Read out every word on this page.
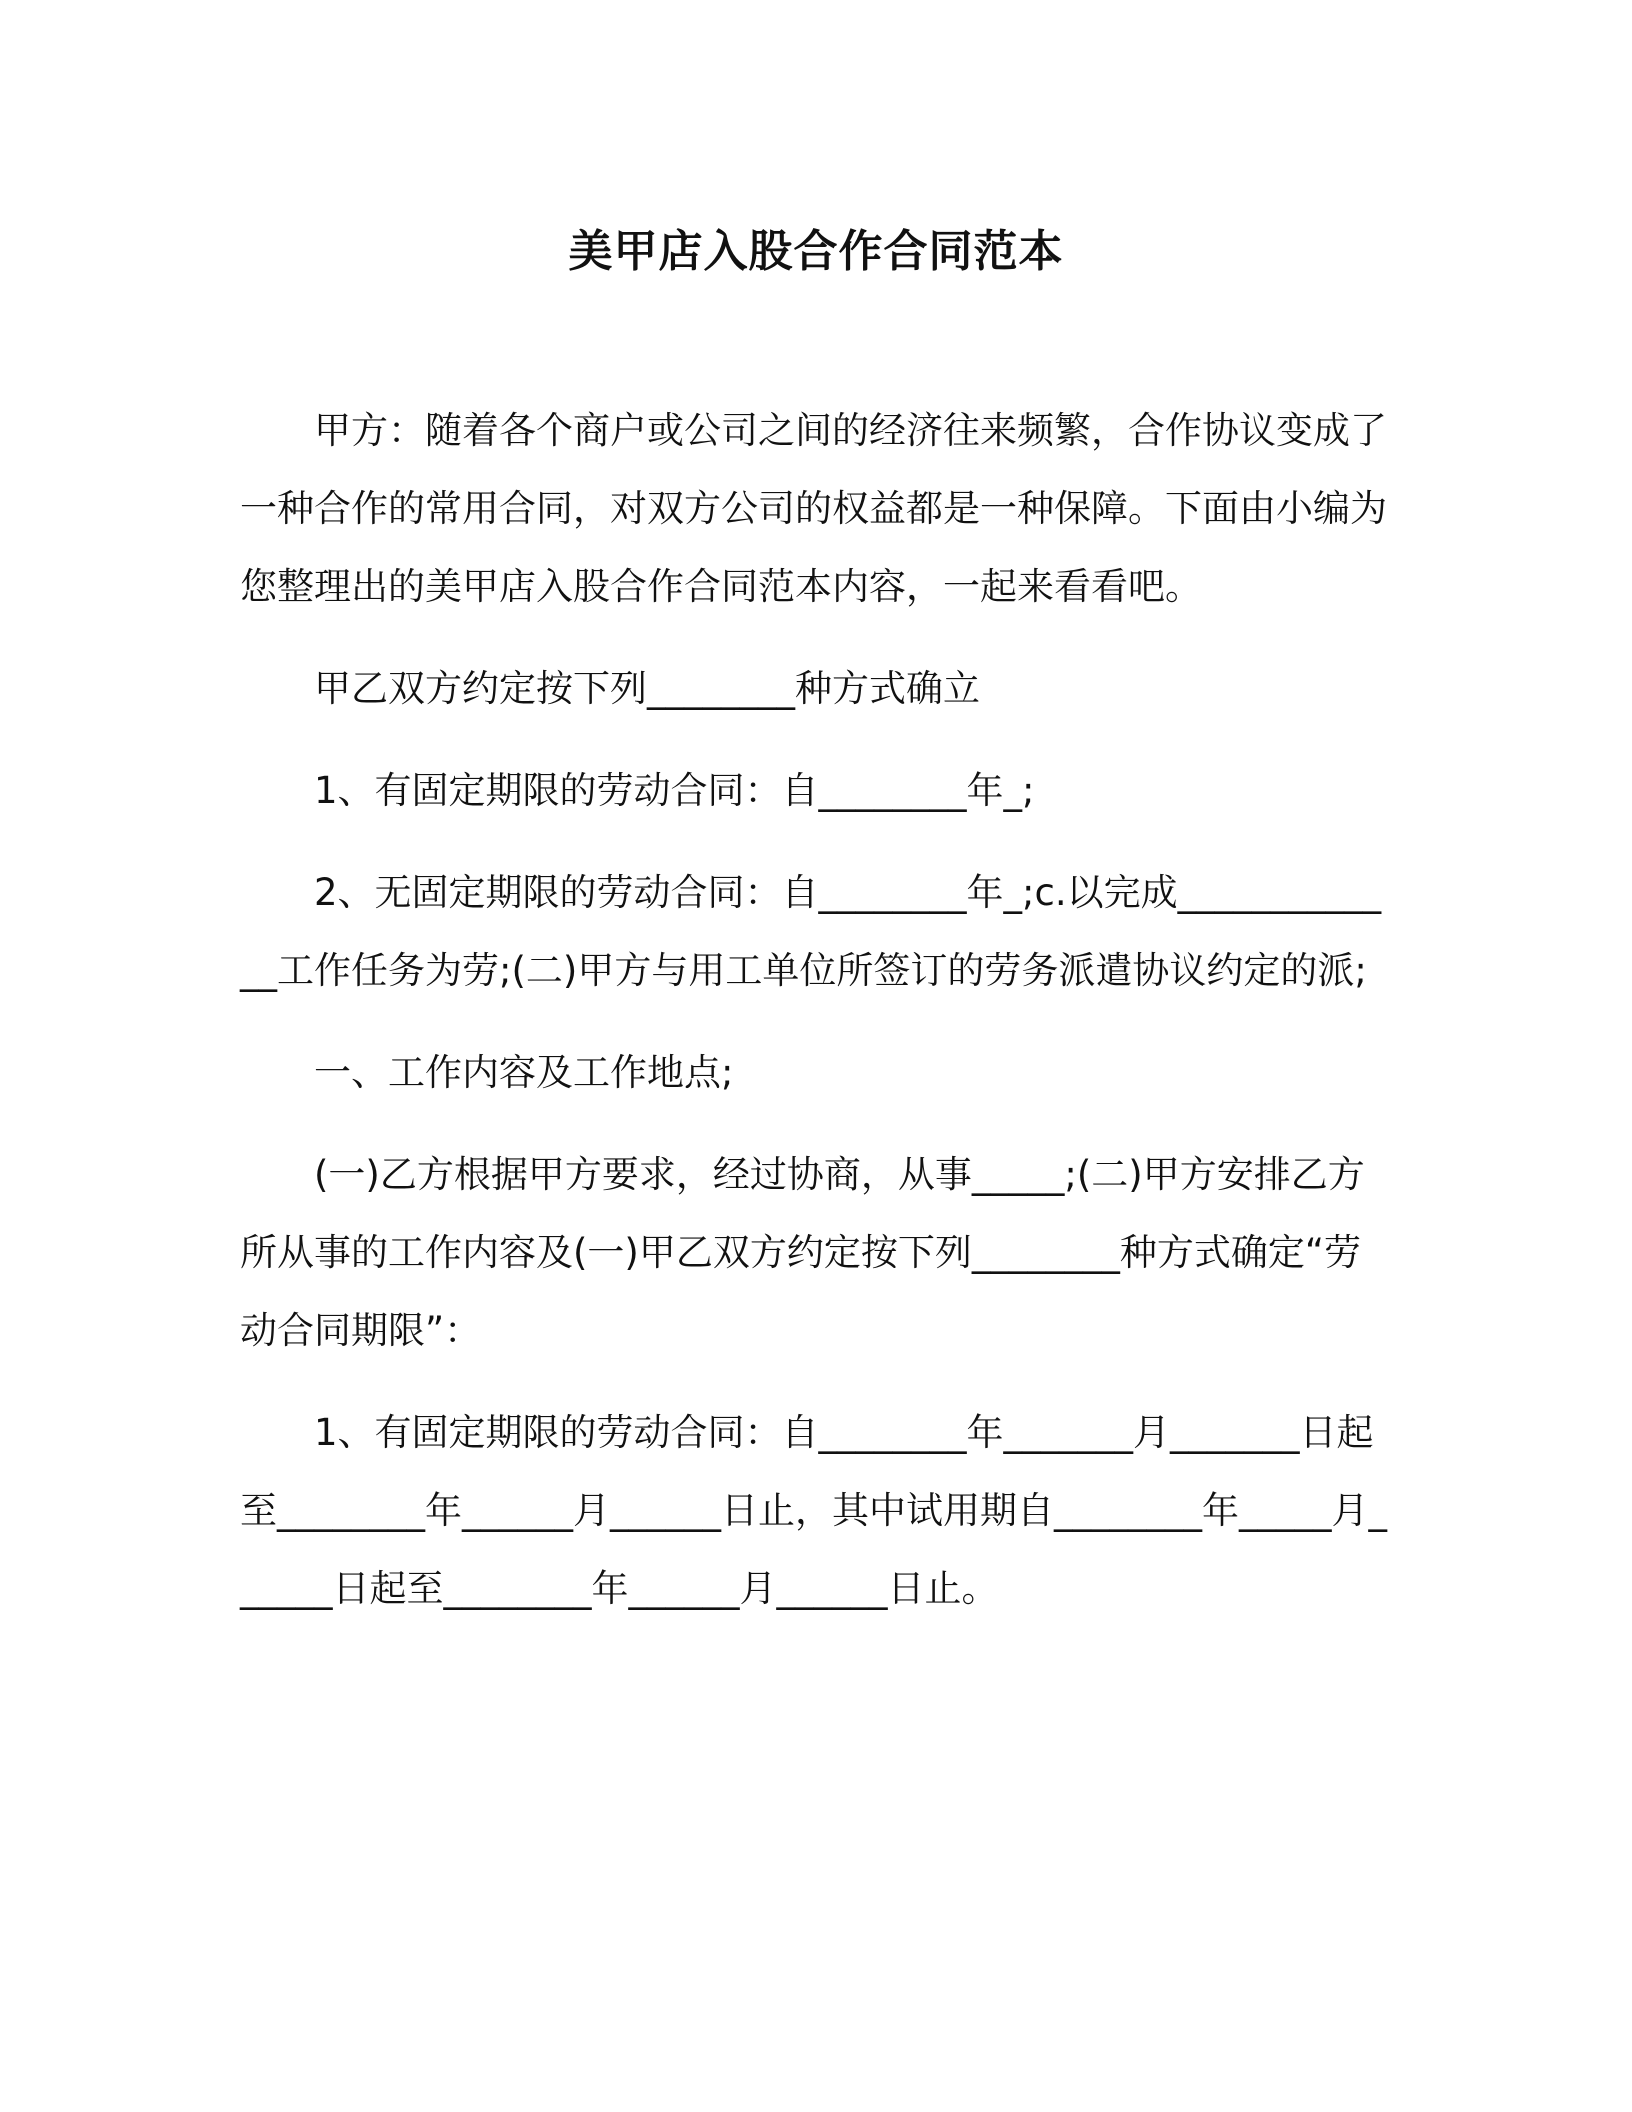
美甲店入股合作合同范本

甲方：随着各个商户或公司之间的经济往来频繁，合作协议变成了一种合作的常用合同，对双方公司的权益都是一种保障。下面由小编为您整理出的美甲店入股合作合同范本内容，一起来看看吧。

甲乙双方约定按下列________种方式确立

1、有固定期限的劳动合同：自________年_;

2、无固定期限的劳动合同：自________年_;c.以完成_____________工作任务为劳;(二)甲方与用工单位所签订的劳务派遣协议约定的派;

一、工作内容及工作地点;

(一)乙方根据甲方要求，经过协商，从事_____;(二)甲方安排乙方所从事的工作内容及(一)甲乙双方约定按下列________种方式确定“劳动合同期限”：

1、有固定期限的劳动合同：自________年_______月_______日起至________年______月______日止，其中试用期自________年_____月______日起至________年______月______日止。
